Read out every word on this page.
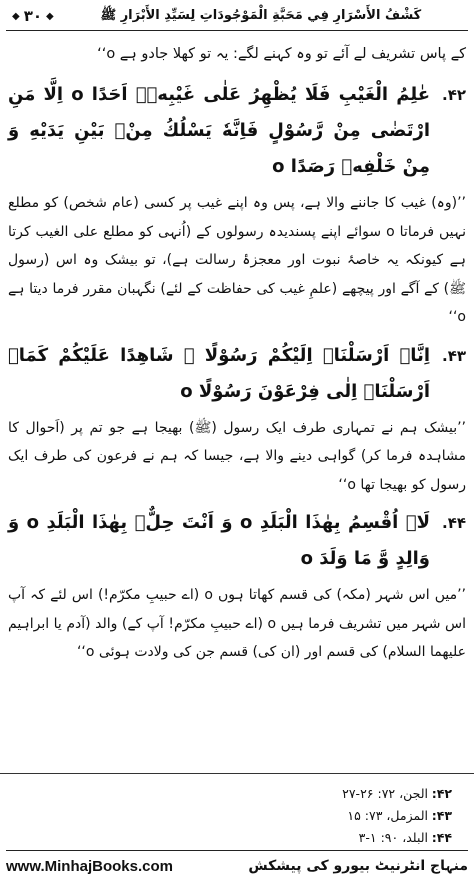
كَشْفُ الأَسْرَارِ فِي مَحَبَّةِ الْمَوْجُودَاتِ لِسَيِّدِ الأَبْرَارِ ﷺ
◆
۳۰
◆

کے پاس تشریف لے آئے تو وہ کہنے لگے: یہ تو کھلا جادو ہے o‘‘

۴۲.
عٰلِمُ الْغَيْبِ فَلَا يُظْهِرُ عَلٰى غَيْبِهٖۤ اَحَدًا o اِلَّا مَنِ ارْتَضٰى مِنْ رَّسُوْلٍ فَاِنَّهٗ يَسْلُكُ مِنْۢ بَيْنِ يَدَيْهِ وَ مِنْ خَلْفِهٖ رَصَدًا o

’’(وہ) غیب کا جاننے والا ہے، پس وہ اپنے غیب پر کسی (عام شخص) کو مطلع نہیں فرماتا o سوائے اپنے پسندیدہ رسولوں کے (اُنہی کو مطلع علی الغیب کرتا ہے کیونکہ یہ خاصۂ نبوت اور معجزۂ رسالت ہے)، تو بیشک وہ اس (رسول ﷺ) کے آگے اور پیچھے (علمِ غیب کی حفاظت کے لئے) نگہبان مقرر فرما دیتا ہے o‘‘

۴۳.
اِنَّاۤ اَرْسَلْنَاۤ اِلَيْكُمْ رَسُوْلًا ۙ شَاهِدًا عَلَيْكُمْ كَمَاۤ اَرْسَلْنَاۤ اِلٰى فِرْعَوْنَ رَسُوْلًا o

’’بیشک ہم نے تمہاری طرف ایک رسول (ﷺ) بھیجا ہے جو تم پر (اَحوال کا مشاہدہ فرما کر) گواہی دینے والا ہے، جیسا کہ ہم نے فرعون کی طرف ایک رسول کو بھیجا تھا o‘‘

۴۴.
لَاۤ اُقْسِمُ بِهٰذَا الْبَلَدِ o وَ اَنْتَ حِلٌّۢ بِهٰذَا الْبَلَدِ o وَ وَالِدٍ وَّ مَا وَلَدَ o

’’میں اس شہر (مکہ) کی قسم کھاتا ہوں o (اے حبیبِ مکرّم!) اس لئے کہ آپ اس شہر میں تشریف فرما ہیں o (اے حبیبِ مکرّم! آپ کے) والد (آدم یا ابراہیم علیھما السلام) کی قسم اور (ان کی) قسم جن کی ولادت ہوئی o‘‘

۴۲:
الجن، ۷۲: ۲۶-۲۷
۴۳:
المزمل، ۷۳: ۱۵
۴۴:
البلد، ۹۰: ۱-۳
www.MinhajBooks.com	منہاج انٹرنیٹ بیورو کی پیشکش
